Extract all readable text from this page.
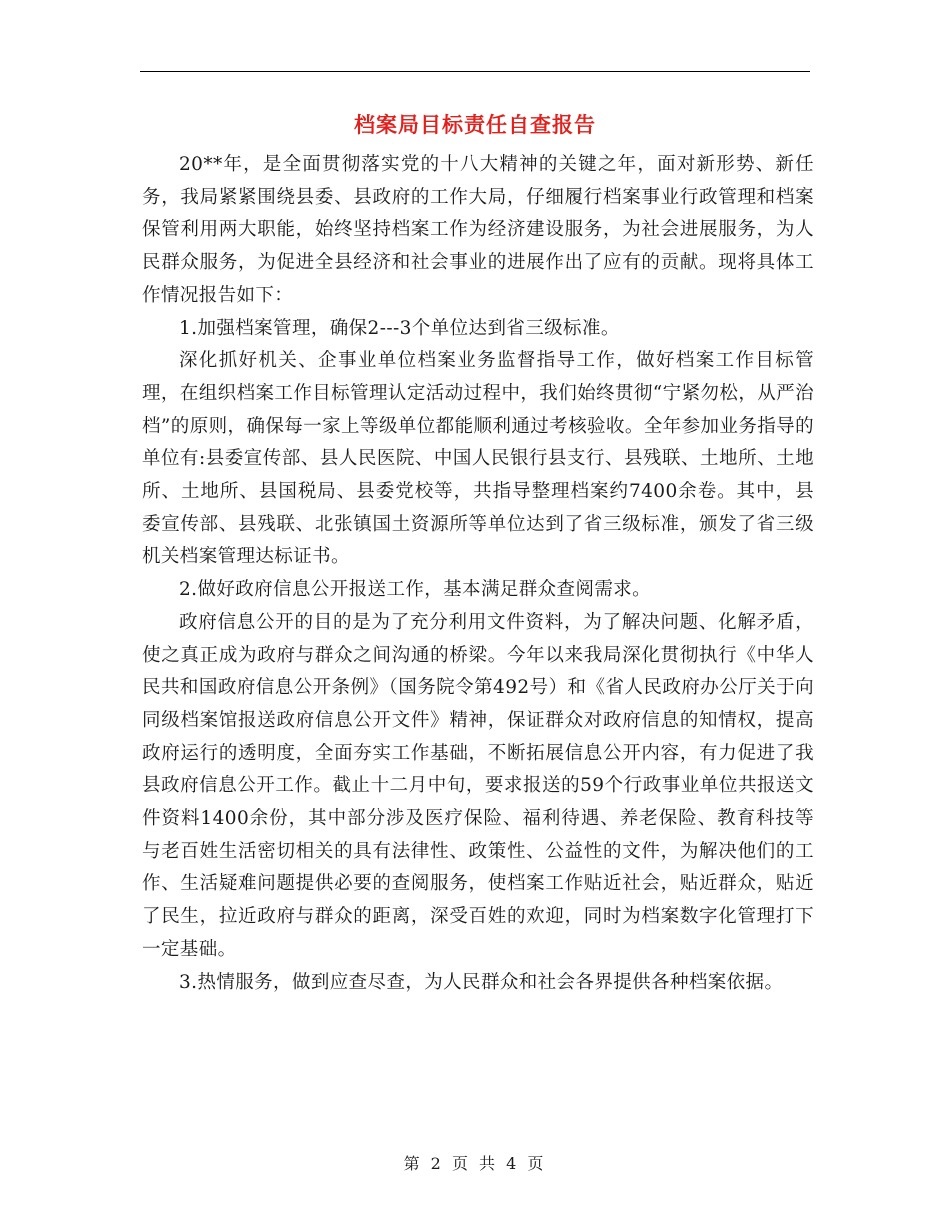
档案局目标责任自查报告

20**年，是全面贯彻落实党的十八大精神的关键之年，面对新形势、新任务，我局紧紧围绕县委、县政府的工作大局，仔细履行档案事业行政管理和档案保管利用两大职能，始终坚持档案工作为经济建设服务，为社会进展服务，为人民群众服务，为促进全县经济和社会事业的进展作出了应有的贡献。现将具体工作情况报告如下：

1.加强档案管理，确保2---3个单位达到省三级标准。

深化抓好机关、企事业单位档案业务监督指导工作，做好档案工作目标管理，在组织档案工作目标管理认定活动过程中，我们始终贯彻“宁紧勿松，从严治档”的原则，确保每一家上等级单位都能顺利通过考核验收。全年参加业务指导的单位有:县委宣传部、县人民医院、中国人民银行县支行、县残联、土地所、土地所、土地所、县国税局、县委党校等，共指导整理档案约7400余卷。其中，县委宣传部、县残联、北张镇国土资源所等单位达到了省三级标准，颁发了省三级机关档案管理达标证书。

2.做好政府信息公开报送工作，基本满足群众查阅需求。

政府信息公开的目的是为了充分利用文件资料，为了解决问题、化解矛盾，使之真正成为政府与群众之间沟通的桥梁。今年以来我局深化贯彻执行《中华人民共和国政府信息公开条例》（国务院令第492号）和《省人民政府办公厅关于向同级档案馆报送政府信息公开文件》精神，保证群众对政府信息的知情权，提高政府运行的透明度，全面夯实工作基础，不断拓展信息公开内容，有力促进了我县政府信息公开工作。截止十二月中旬，要求报送的59个行政事业单位共报送文件资料1400余份，其中部分涉及医疗保险、福利待遇、养老保险、教育科技等与老百姓生活密切相关的具有法律性、政策性、公益性的文件，为解决他们的工作、生活疑难问题提供必要的查阅服务，使档案工作贴近社会，贴近群众，贴近了民生，拉近政府与群众的距离，深受百姓的欢迎，同时为档案数字化管理打下一定基础。

3.热情服务，做到应查尽查，为人民群众和社会各界提供各种档案依据。

第 2 页 共 4 页
